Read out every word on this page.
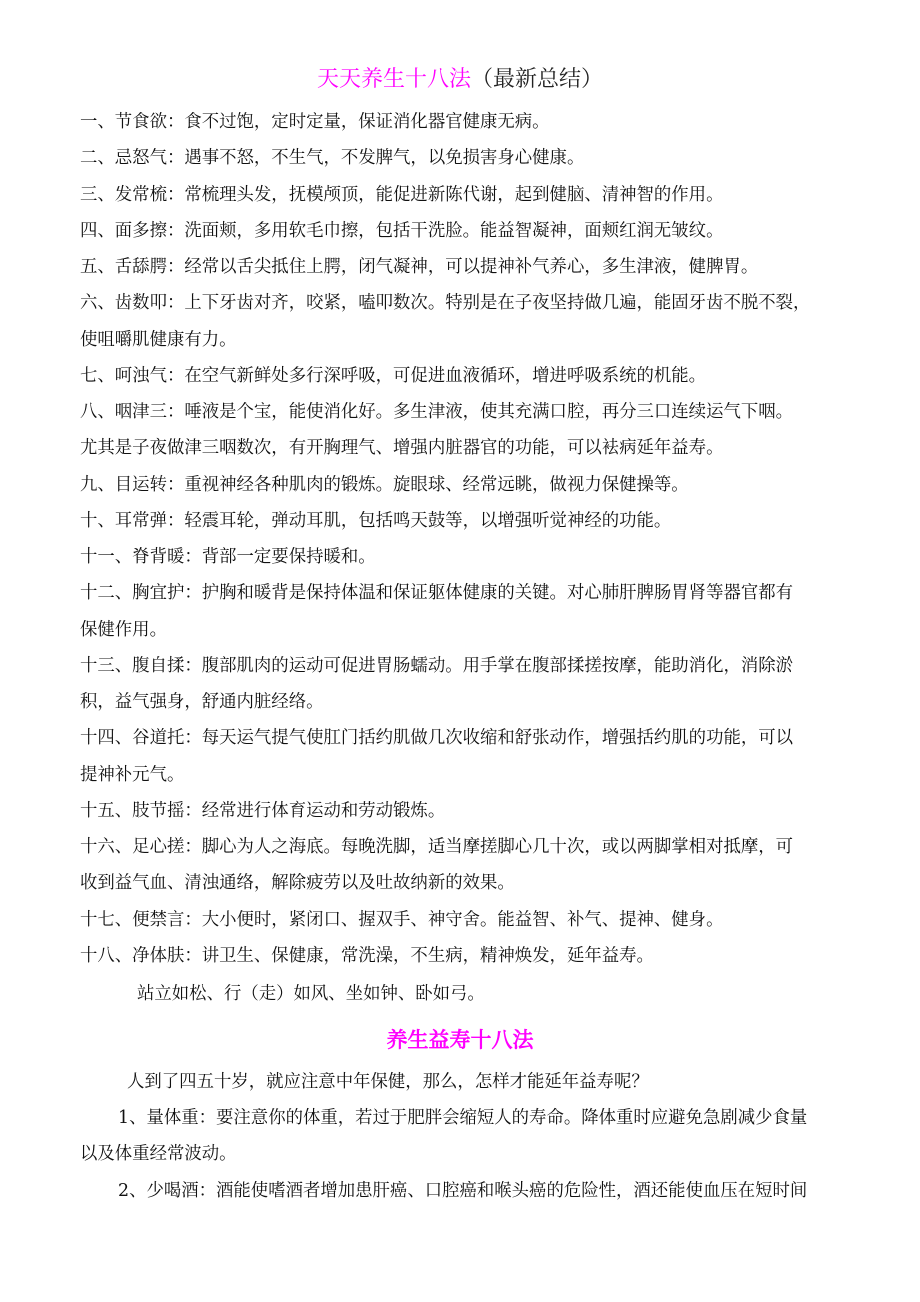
天天养生十八法（最新总结）
一、节食欲：食不过饱，定时定量，保证消化器官健康无病。
二、忌怒气：遇事不怒，不生气，不发脾气，以免损害身心健康。
三、发常梳：常梳理头发，抚模颅顶，能促进新陈代谢，起到健脑、清神智的作用。
四、面多擦：洗面颊，多用软毛巾擦，包括干洗脸。能益智凝神，面颊红润无皱纹。
五、舌舔腭：经常以舌尖抵住上腭，闭气凝神，可以提神补气养心，多生津液，健脾胃。
六、齿数叩：上下牙齿对齐，咬紧，嗑叩数次。特别是在子夜坚持做几遍，能固牙齿不脱不裂，
使咀嚼肌健康有力。
七、呵浊气：在空气新鲜处多行深呼吸，可促进血液循环，增进呼吸系统的机能。
八、咽津三：唾液是个宝，能使消化好。多生津液，使其充满口腔，再分三口连续运气下咽。
尤其是子夜做津三咽数次，有开胸理气、增强内脏器官的功能，可以袪病延年益寿。
九、目运转：重视神经各种肌肉的锻炼。旋眼球、经常远眺，做视力保健操等。
十、耳常弹：轻震耳轮，弹动耳肌，包括鸣天鼓等，以增强听觉神经的功能。
十一、脊背暖：背部一定要保持暖和。
十二、胸宜护：护胸和暖背是保持体温和保证躯体健康的关键。对心肺肝脾肠胃肾等器官都有
保健作用。
十三、腹自揉：腹部肌肉的运动可促进胃肠蠕动。用手掌在腹部揉搓按摩，能助消化，消除淤
积，益气强身，舒通内脏经络。
十四、谷道托：每天运气提气使肛门括约肌做几次收缩和舒张动作，增强括约肌的功能，可以
提神补元气。
十五、肢节摇：经常进行体育运动和劳动锻炼。
十六、足心搓：脚心为人之海底。每晚洗脚，适当摩搓脚心几十次，或以两脚掌相对抵摩，可
收到益气血、清浊通络，解除疲劳以及吐故纳新的效果。
十七、便禁言：大小便时，紧闭口、握双手、神守舍。能益智、补气、提神、健身。
十八、净体肤：讲卫生、保健康，常洗澡，不生病，精神焕发，延年益寿。
站立如松、行（走）如风、坐如钟、卧如弓。
养生益寿十八法
人到了四五十岁，就应注意中年保健，那么，怎样才能延年益寿呢？
1、量体重：要注意你的体重，若过于肥胖会缩短人的寿命。降体重时应避免急剧减少食量
以及体重经常波动。
2、少喝酒：酒能使嗜酒者增加患肝癌、口腔癌和喉头癌的危险性，酒还能使血压在短时间
